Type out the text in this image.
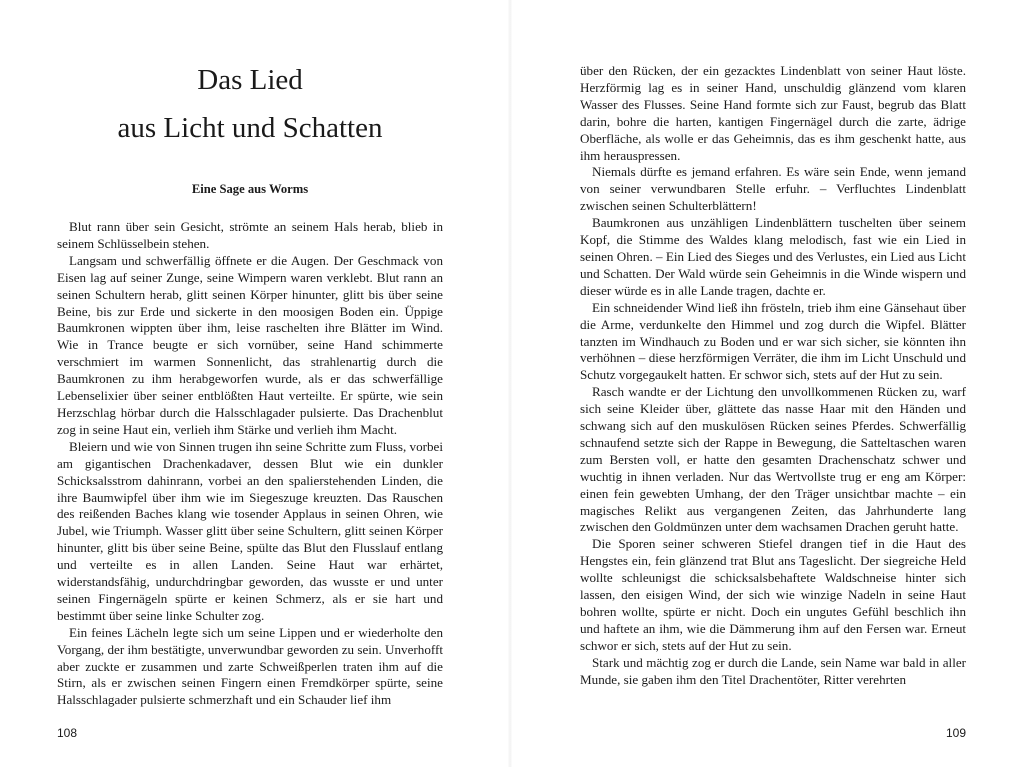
Das Lied
aus Licht und Schatten
Eine Sage aus Worms

Blut rann über sein Gesicht, strömte an seinem Hals herab, blieb in seinem Schlüsselbein stehen.

Langsam und schwerfällig öffnete er die Augen. Der Geschmack von Eisen lag auf seiner Zunge, seine Wimpern waren verklebt. Blut rann an seinen Schultern herab, glitt seinen Körper hinunter, glitt bis über seine Beine, bis zur Erde und sickerte in den moosigen Boden ein. Üppige Baumkronen wippten über ihm, leise raschelten ihre Blätter im Wind. Wie in Trance beugte er sich vornüber, seine Hand schimmerte verschmiert im warmen Sonnenlicht, das strahlenartig durch die Baumkronen zu ihm herabgeworfen wurde, als er das schwerfällige Lebenselixier über seiner entblößten Haut verteilte. Er spürte, wie sein Herzschlag hörbar durch die Halsschlagader pulsierte. Das Drachenblut zog in seine Haut ein, verlieh ihm Stärke und verlieh ihm Macht.

Bleiern und wie von Sinnen trugen ihn seine Schritte zum Fluss, vorbei am gigantischen Drachenkadaver, dessen Blut wie ein dunkler Schicksalsstrom dahinrann, vorbei an den spalierstehenden Linden, die ihre Baumwipfel über ihm wie im Siegeszuge kreuzten. Das Rauschen des reißenden Baches klang wie tosender Applaus in seinen Ohren, wie Jubel, wie Triumph. Wasser glitt über seine Schultern, glitt seinen Körper hinunter, glitt bis über seine Beine, spülte das Blut den Flusslauf entlang und verteilte es in allen Landen. Seine Haut war erhärtet, widerstandsfähig, undurchdringbar geworden, das wusste er und unter seinen Fingernägeln spürte er keinen Schmerz, als er sie hart und bestimmt über seine linke Schulter zog.

Ein feines Lächeln legte sich um seine Lippen und er wiederholte den Vorgang, der ihm bestätigte, unverwundbar geworden zu sein. Unverhofft aber zuckte er zusammen und zarte Schweißperlen traten ihm auf die Stirn, als er zwischen seinen Fingern einen Fremdkörper spürte, seine Halsschlagader pulsierte schmerzhaft und ein Schauder lief ihm

108

über den Rücken, der ein gezacktes Lindenblatt von seiner Haut löste. Herzförmig lag es in seiner Hand, unschuldig glänzend vom klaren Wasser des Flusses. Seine Hand formte sich zur Faust, begrub das Blatt darin, bohre die harten, kantigen Fingernägel durch die zarte, ädrige Oberfläche, als wolle er das Geheimnis, das es ihm geschenkt hatte, aus ihm herauspressen.

Niemals dürfte es jemand erfahren. Es wäre sein Ende, wenn jemand von seiner verwundbaren Stelle erfuhr. – Verfluchtes Lindenblatt zwischen seinen Schulterblättern!

Baumkronen aus unzähligen Lindenblättern tuschelten über seinem Kopf, die Stimme des Waldes klang melodisch, fast wie ein Lied in seinen Ohren. – Ein Lied des Sieges und des Verlustes, ein Lied aus Licht und Schatten. Der Wald würde sein Geheimnis in die Winde wispern und dieser würde es in alle Lande tragen, dachte er.

Ein schneidender Wind ließ ihn frösteln, trieb ihm eine Gänsehaut über die Arme, verdunkelte den Himmel und zog durch die Wipfel. Blätter tanzten im Windhauch zu Boden und er war sich sicher, sie könnten ihn verhöhnen – diese herzförmigen Verräter, die ihm im Licht Unschuld und Schutz vorgegaukelt hatten. Er schwor sich, stets auf der Hut zu sein.

Rasch wandte er der Lichtung den unvollkommenen Rücken zu, warf sich seine Kleider über, glättete das nasse Haar mit den Händen und schwang sich auf den muskulösen Rücken seines Pferdes. Schwerfällig schnaufend setzte sich der Rappe in Bewegung, die Satteltaschen waren zum Bersten voll, er hatte den gesamten Drachenschatz schwer und wuchtig in ihnen verladen. Nur das Wertvollste trug er eng am Körper: einen fein gewebten Umhang, der den Träger unsichtbar machte – ein magisches Relikt aus vergangenen Zeiten, das Jahrhunderte lang zwischen den Goldmünzen unter dem wachsamen Drachen geruht hatte.

Die Sporen seiner schweren Stiefel drangen tief in die Haut des Hengstes ein, fein glänzend trat Blut ans Tageslicht. Der siegreiche Held wollte schleunigst die schicksalsbehaftete Waldschneise hinter sich lassen, den eisigen Wind, der sich wie winzige Nadeln in seine Haut bohren wollte, spürte er nicht. Doch ein ungutes Gefühl beschlich ihn und haftete an ihm, wie die Dämmerung ihm auf den Fersen war. Erneut schwor er sich, stets auf der Hut zu sein.

Stark und mächtig zog er durch die Lande, sein Name war bald in aller Munde, sie gaben ihm den Titel Drachentöter, Ritter verehrten

109
